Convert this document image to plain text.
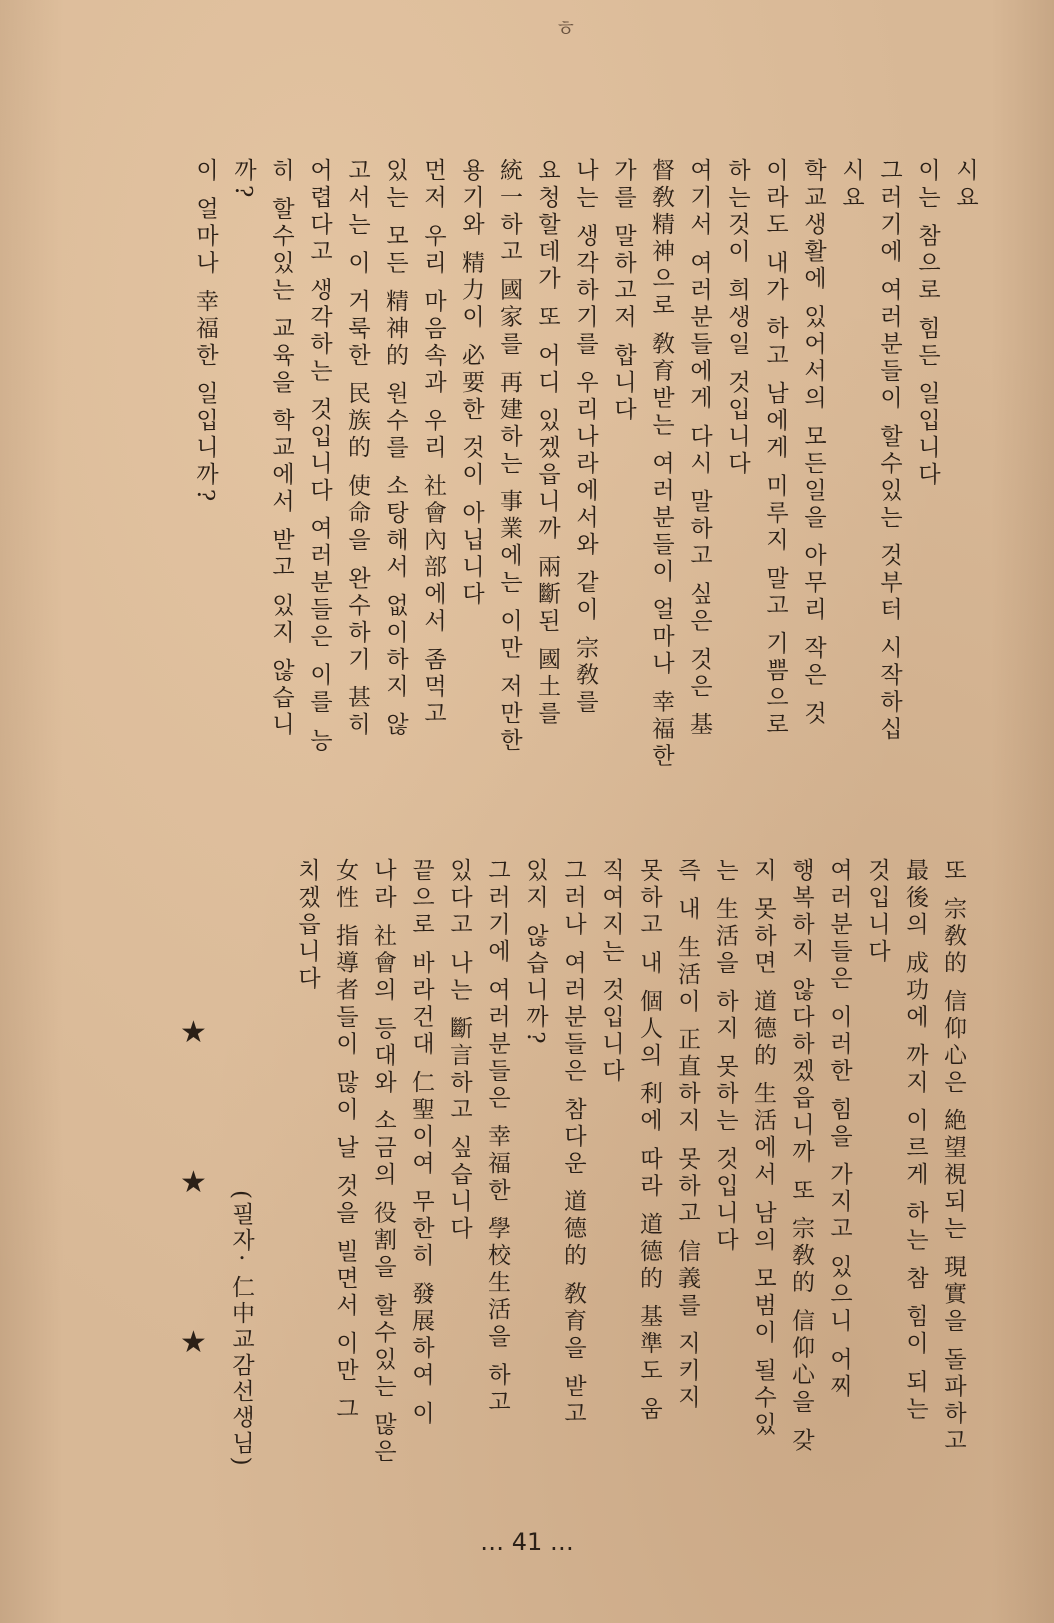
ㅎ

시요

이는 참으로 힘든 일입니다

그러기에 여러분들이 할수있는 것부터 시작하십

시요

학교생활에 있어서의 모든일을 아무리 작은 것

이라도 내가 하고 남에게 미루지 말고 기쁨으로

하는것이 희생일 것입니다

여기서 여러분들에게 다시 말하고 싶은 것은 基

督敎精神으로 敎育받는 여러분들이 얼마나 幸福한

가를 말하고저 합니다

나는 생각하기를 우리나라에서와 같이 宗敎를

요청할데가 또 어디 있겠읍니까 兩斷된 國土를

統一하고 國家를 再建하는 事業에는 이만 저만한

용기와 精力이 必要한 것이 아닙니다

먼저 우리 마음속과 우리 社會內部에서 좀먹고

있는 모든 精神的 원수를 소탕해서 없이하지 않

고서는 이 거룩한 民族的 使命을 완수하기 甚히

어렵다고 생각하는 것입니다 여러분들은 이를 능

히 할수있는 교육을 학교에서 받고 있지 않습니

까?

이 얼마나 幸福한 일입니까?

또 宗敎的 信仰心은 絶望視되는 現實을 돌파하고

最後의 成功에 까지 이르게 하는 참 힘이 되는

것입니다

여러분들은 이러한 힘을 가지고 있으니 어찌

행복하지 않다하겠읍니까 또 宗敎的 信仰心을 갖

지 못하면 道德的 生活에서 남의 모범이 될수있

는 生活을 하지 못하는 것입니다

즉 내 生活이 正直하지 못하고 信義를 지키지

못하고 내 個人의 利에 따라 道德的 基準도 움

직여지는 것입니다

그러나 여러분들은 참다운 道德的 敎育을 받고

있지 않습니까?

그러기에 여러분들은 幸福한 學校生活을 하고

있다고 나는 斷言하고 싶습니다

끝으로 바라건대 仁聖이여 무한히 發展하여 이

나라 社會의 등대와 소금의 役割을 할수있는 많은

女性 指導者들이 많이 날 것을 빌면서 이만 그

치겠읍니다

★
★
★ (필자· 仁中교감선생님)
… 41 …
